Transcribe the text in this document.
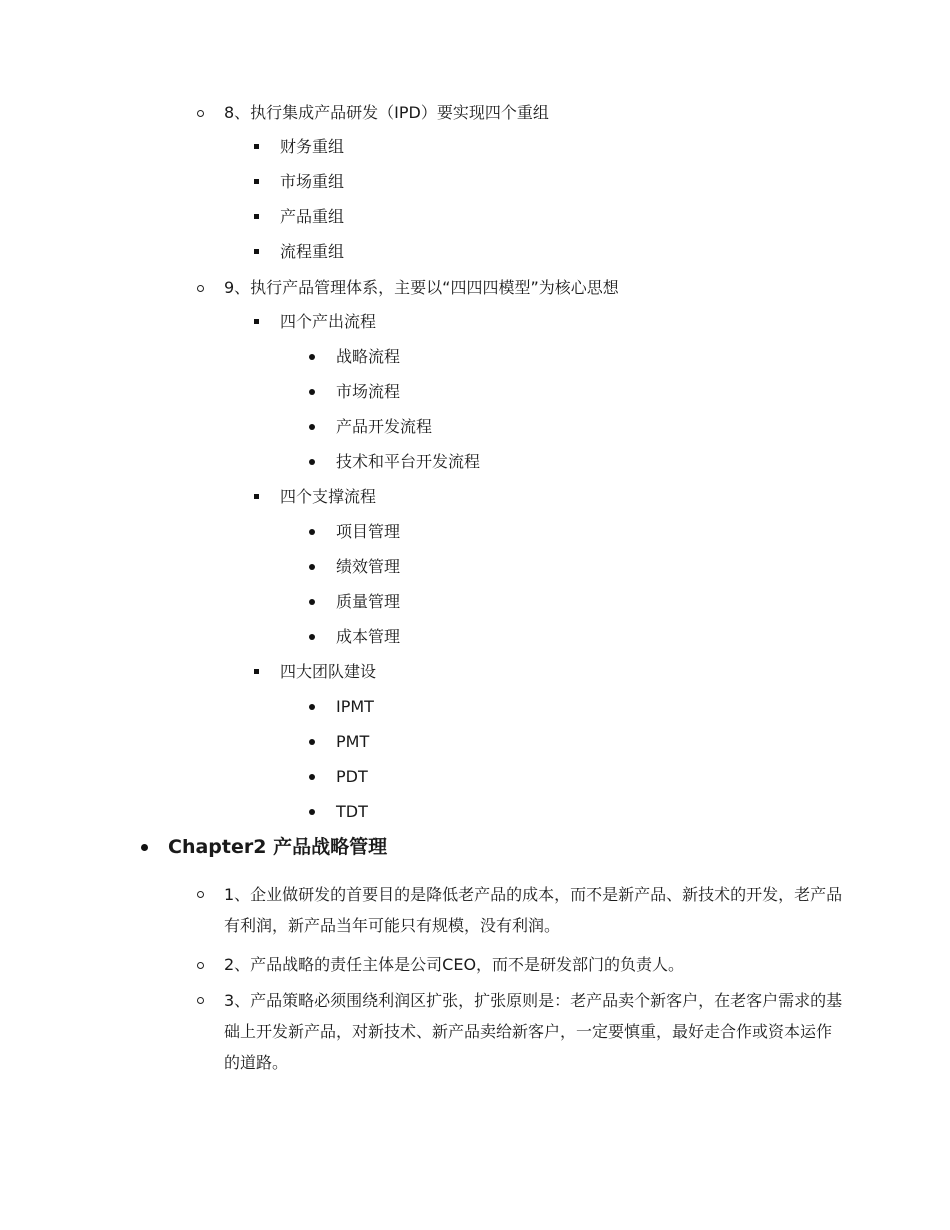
8、执行集成产品研发（IPD）要实现四个重组
财务重组
市场重组
产品重组
流程重组
9、执行产品管理体系，主要以“四四四模型”为核心思想
四个产出流程
战略流程
市场流程
产品开发流程
技术和平台开发流程
四个支撑流程
项目管理
绩效管理
质量管理
成本管理
四大团队建设
IPMT
PMT
PDT
TDT
Chapter2 产品战略管理
1、企业做研发的首要目的是降低老产品的成本，而不是新产品、新技术的开发，老产品有利润，新产品当年可能只有规模，没有利润。
2、产品战略的责任主体是公司CEO，而不是研发部门的负责人。
3、产品策略必须围绕利润区扩张，扩张原则是：老产品卖个新客户，在老客户需求的基础上开发新产品，对新技术、新产品卖给新客户，一定要慎重，最好走合作或资本运作的道路。
